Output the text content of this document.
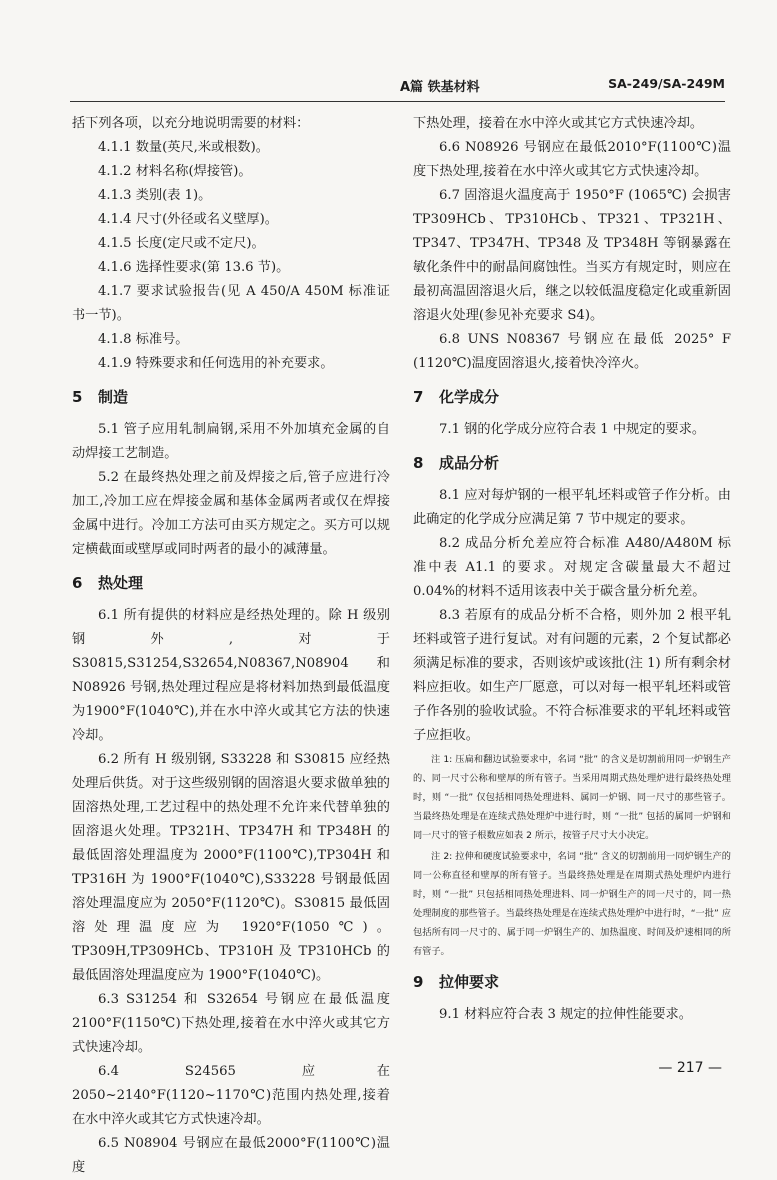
A篇 铁基材料	SA-249/SA-249M

括下列各项，以充分地说明需要的材料：

4.1.1 数量(英尺,米或根数)。

4.1.2 材料名称(焊接管)。

4.1.3 类别(表 1)。

4.1.4 尺寸(外径或名义壁厚)。

4.1.5 长度(定尺或不定尺)。

4.1.6 选择性要求(第 13.6 节)。

4.1.7 要求试验报告(见 A 450/A 450M 标准证书一节)。

4.1.8 标准号。

4.1.9 特殊要求和任何选用的补充要求。

5 制造

5.1 管子应用轧制扁钢,采用不外加填充金属的自动焊接工艺制造。

5.2 在最终热处理之前及焊接之后,管子应进行冷加工,冷加工应在焊接金属和基体金属两者或仅在焊接金属中进行。冷加工方法可由买方规定之。买方可以规定横截面或壁厚或同时两者的最小的减薄量。

6 热处理

6.1 所有提供的材料应是经热处理的。除 H 级别钢外,对于 S30815,S31254,S32654,N08367,N08904 和 N08926 号钢,热处理过程应是将材料加热到最低温度为1900°F(1040℃),并在水中淬火或其它方法的快速冷却。

6.2 所有 H 级别钢, S33228 和 S30815 应经热处理后供货。对于这些级别钢的固溶退火要求做单独的固溶热处理,工艺过程中的热处理不允许来代替单独的固溶退火处理。TP321H、TP347H 和 TP348H 的最低固溶处理温度为 2000°F(1100℃),TP304H 和 TP316H 为 1900°F(1040℃),S33228 号钢最低固溶处理温度应为 2050°F(1120℃)。S30815 最低固溶处理温度应为 1920°F(1050℃)。TP309H,TP309HCb、TP310H 及 TP310HCb 的最低固溶处理温度应为 1900°F(1040℃)。

6.3 S31254 和 S32654 号钢应在最低温度 2100°F(1150℃)下热处理,接着在水中淬火或其它方式快速冷却。

6.4 S24565 应在2050~2140°F(1120~1170℃)范围内热处理,接着在水中淬火或其它方式快速冷却。

6.5 N08904 号钢应在最低2000°F(1100℃)温度

下热处理，接着在水中淬火或其它方式快速冷却。

6.6 N08926 号钢应在最低2010°F(1100℃)温度下热处理,接着在水中淬火或其它方式快速冷却。

6.7 固溶退火温度高于 1950°F (1065℃) 会损害 TP309HCb、TP310HCb、TP321、TP321H、TP347、TP347H、TP348 及 TP348H 等钢暴露在敏化条件中的耐晶间腐蚀性。当买方有规定时，则应在最初高温固溶退火后，继之以较低温度稳定化或重新固溶退火处理(参见补充要求 S4)。

6.8 UNS N08367 号钢应在最低 2025° F (1120℃)温度固溶退火,接着快冷淬火。

7 化学成分

7.1 钢的化学成分应符合表 1 中规定的要求。

8 成品分析

8.1 应对每炉钢的一根平轧坯料或管子作分析。由此确定的化学成分应满足第 7 节中规定的要求。

8.2 成品分析允差应符合标准 A480/A480M 标准中表 A1.1 的要求。对规定含碳量最大不超过 0.04%的材料不适用该表中关于碳含量分析允差。

8.3 若原有的成品分析不合格，则外加 2 根平轧坯料或管子进行复试。对有问题的元素，2 个复试都必须满足标准的要求，否则该炉或该批(注 1) 所有剩余材料应拒收。如生产厂愿意，可以对每一根平轧坯料或管子作各别的验收试验。不符合标准要求的平轧坯料或管子应拒收。

注 1: 压扁和翻边试验要求中，名词 “批” 的含义是切割前用同一炉钢生产的、同一尺寸公称和壁厚的所有管子。当采用周期式热处理炉进行最终热处理时，则 “一批” 仅包括相同热处理进料、属同一炉钢、同一尺寸的那些管子。当最终热处理是在连续式热处理炉中进行时，则 “一批” 包括的属同一炉钢和同一尺寸的管子根数应如表 2 所示，按管子尺寸大小决定。

注 2: 拉伸和硬度试验要求中，名词 “批” 含义的切割前用一同炉钢生产的同一公称直径和壁厚的所有管子。当最终热处理是在周期式热处理炉内进行时，则 “一批” 只包括相同热处理进料、同一炉钢生产的同一尺寸的，同一热处理制度的那些管子。当最终热处理是在连续式热处理炉中进行时，“一批” 应包括所有同一尺寸的、属于同一炉钢生产的、加热温度、时间及炉速相同的所有管子。

9 拉伸要求

9.1 材料应符合表 3 规定的拉伸性能要求。

— 217 —
